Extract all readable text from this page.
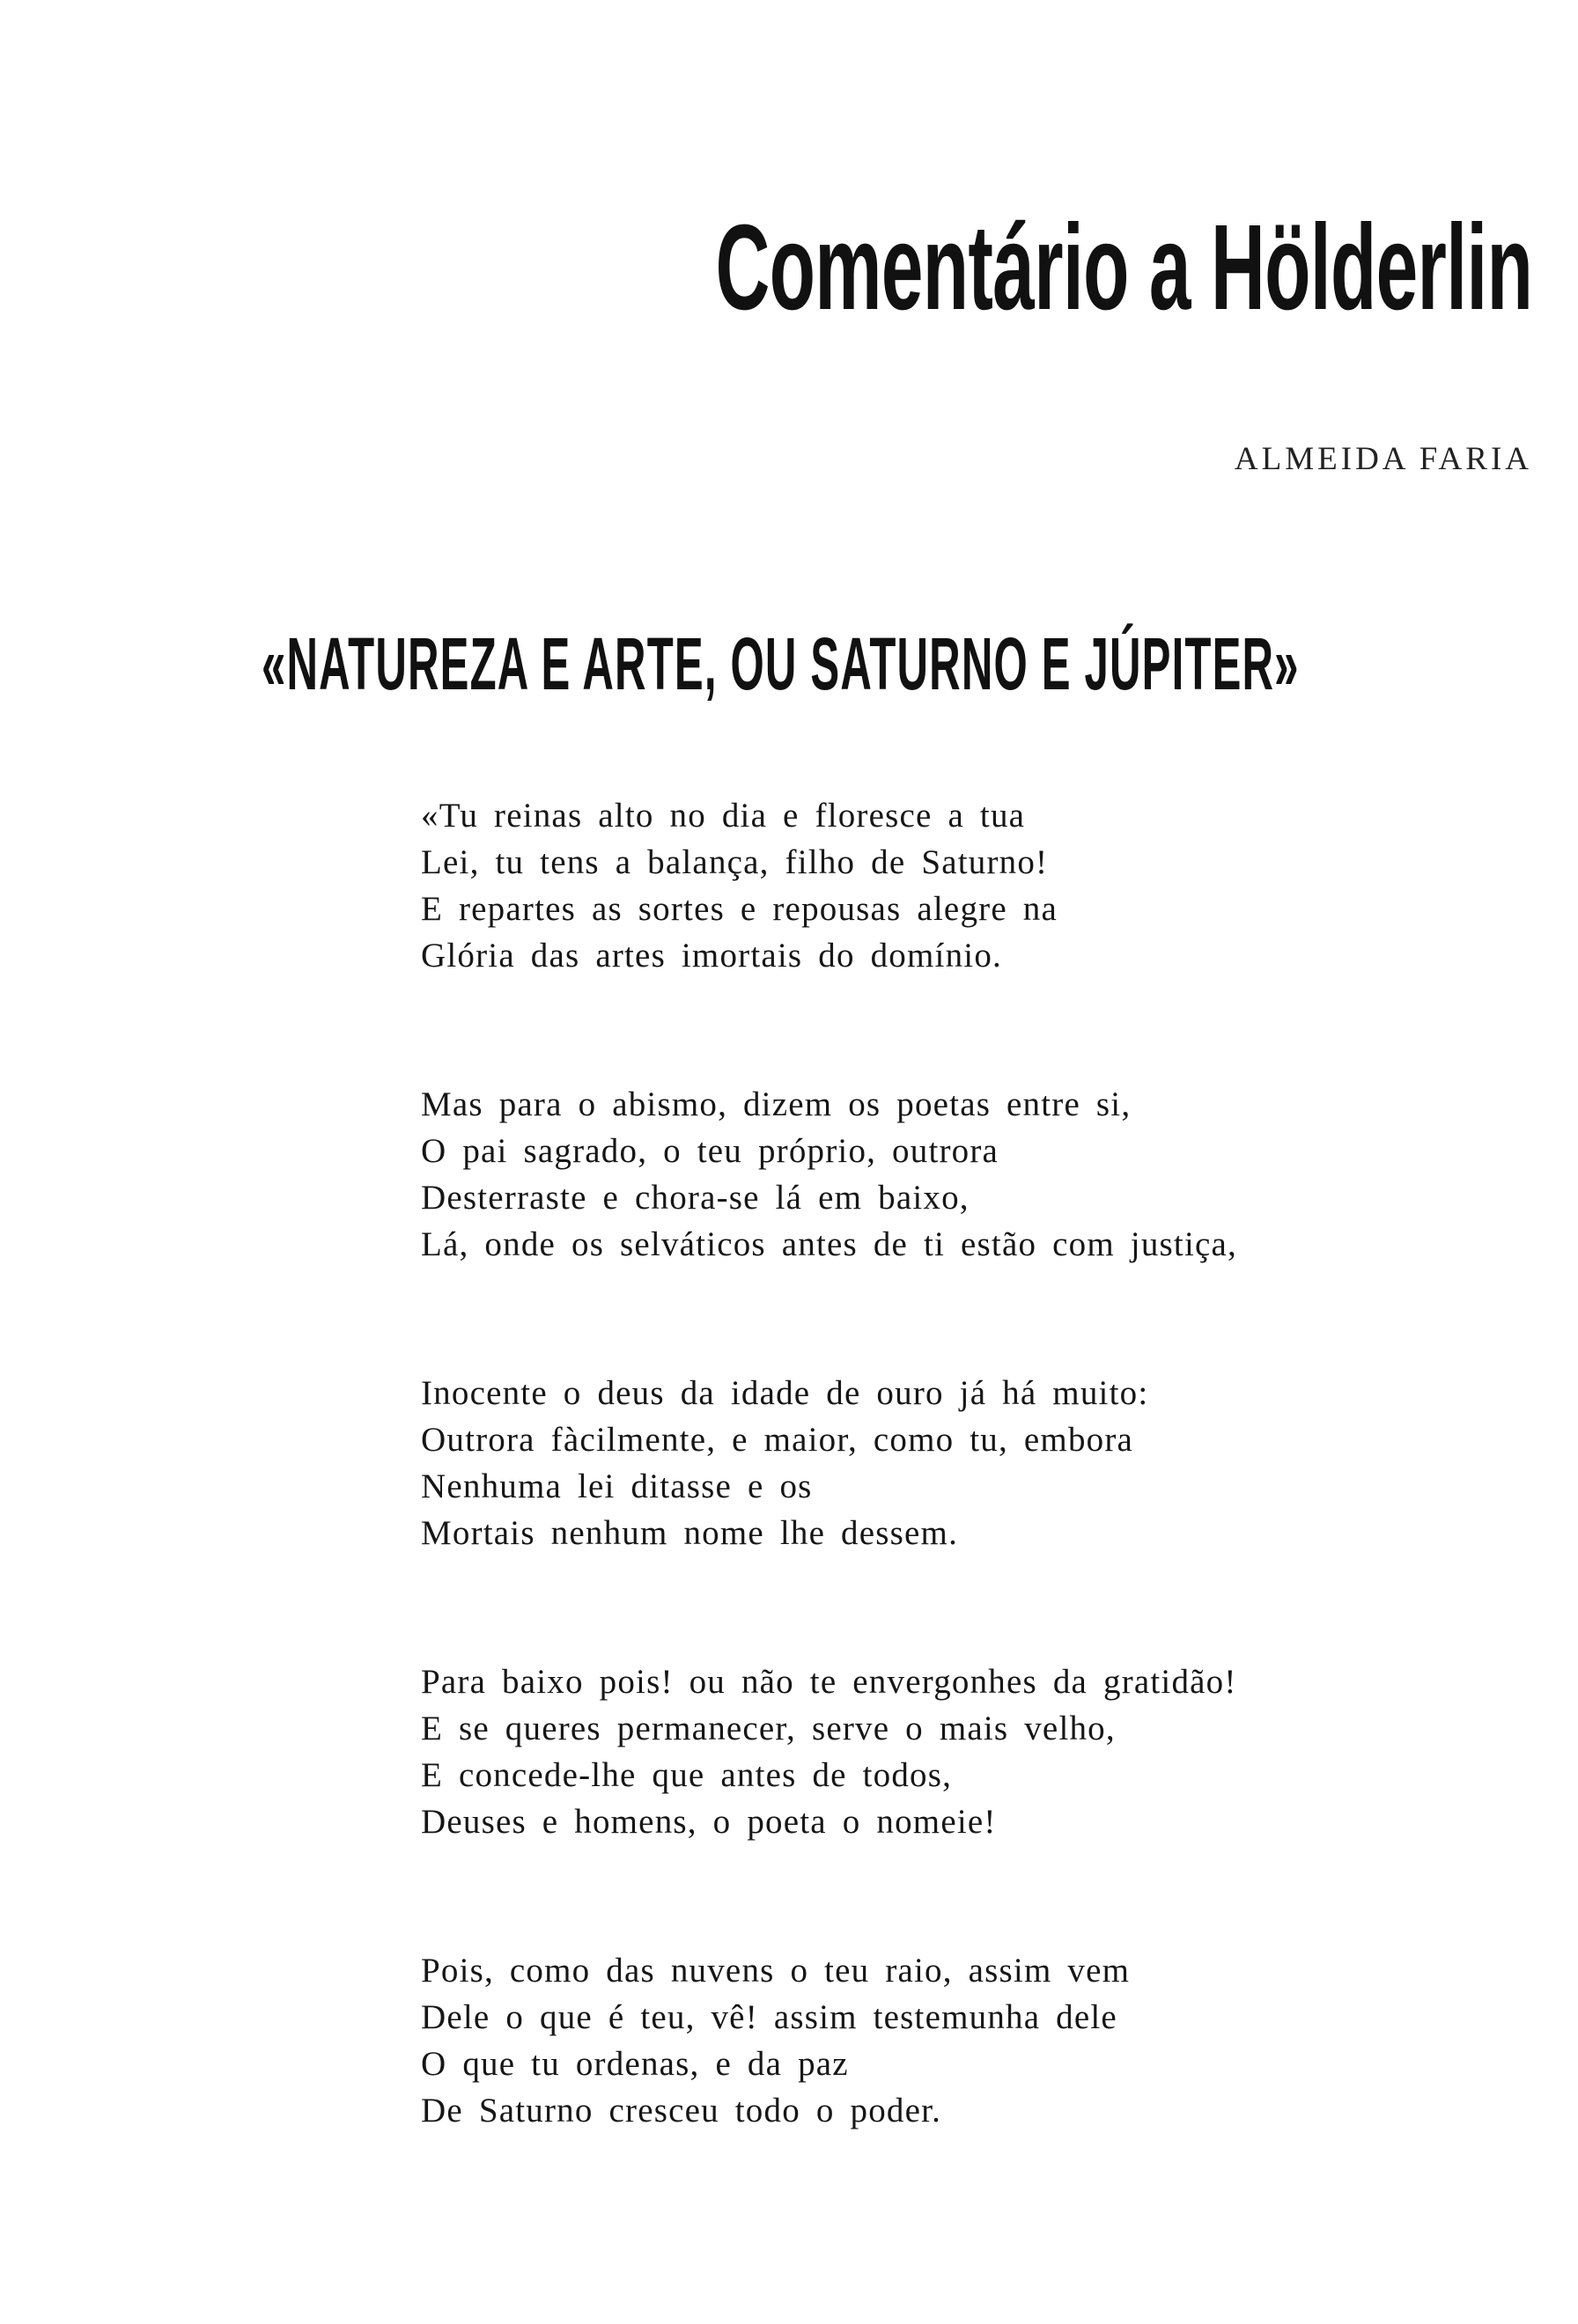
Comentário a Hölderlin

ALMEIDA FARIA

«NATUREZA E ARTE, OU SATURNO E JÚPITER»
«Tu reinas alto no dia e floresce a tua
Lei, tu tens a balança, filho de Saturno!
E repartes as sortes e repousas alegre na
Glória das artes imortais do domínio.
Mas para o abismo, dizem os poetas entre si,
O pai sagrado, o teu próprio, outrora
Desterraste e chora-se lá em baixo,
Lá, onde os selváticos antes de ti estão com justiça,
Inocente o deus da idade de ouro já há muito:
Outrora fàcilmente, e maior, como tu, embora
Nenhuma lei ditasse e os
Mortais nenhum nome lhe dessem.
Para baixo pois! ou não te envergonhes da gratidão!
E se queres permanecer, serve o mais velho,
E concede-lhe que antes de todos,
Deuses e homens, o poeta o nomeie!
Pois, como das nuvens o teu raio, assim vem
Dele o que é teu, vê! assim testemunha dele
O que tu ordenas, e da paz
De Saturno cresceu todo o poder.
